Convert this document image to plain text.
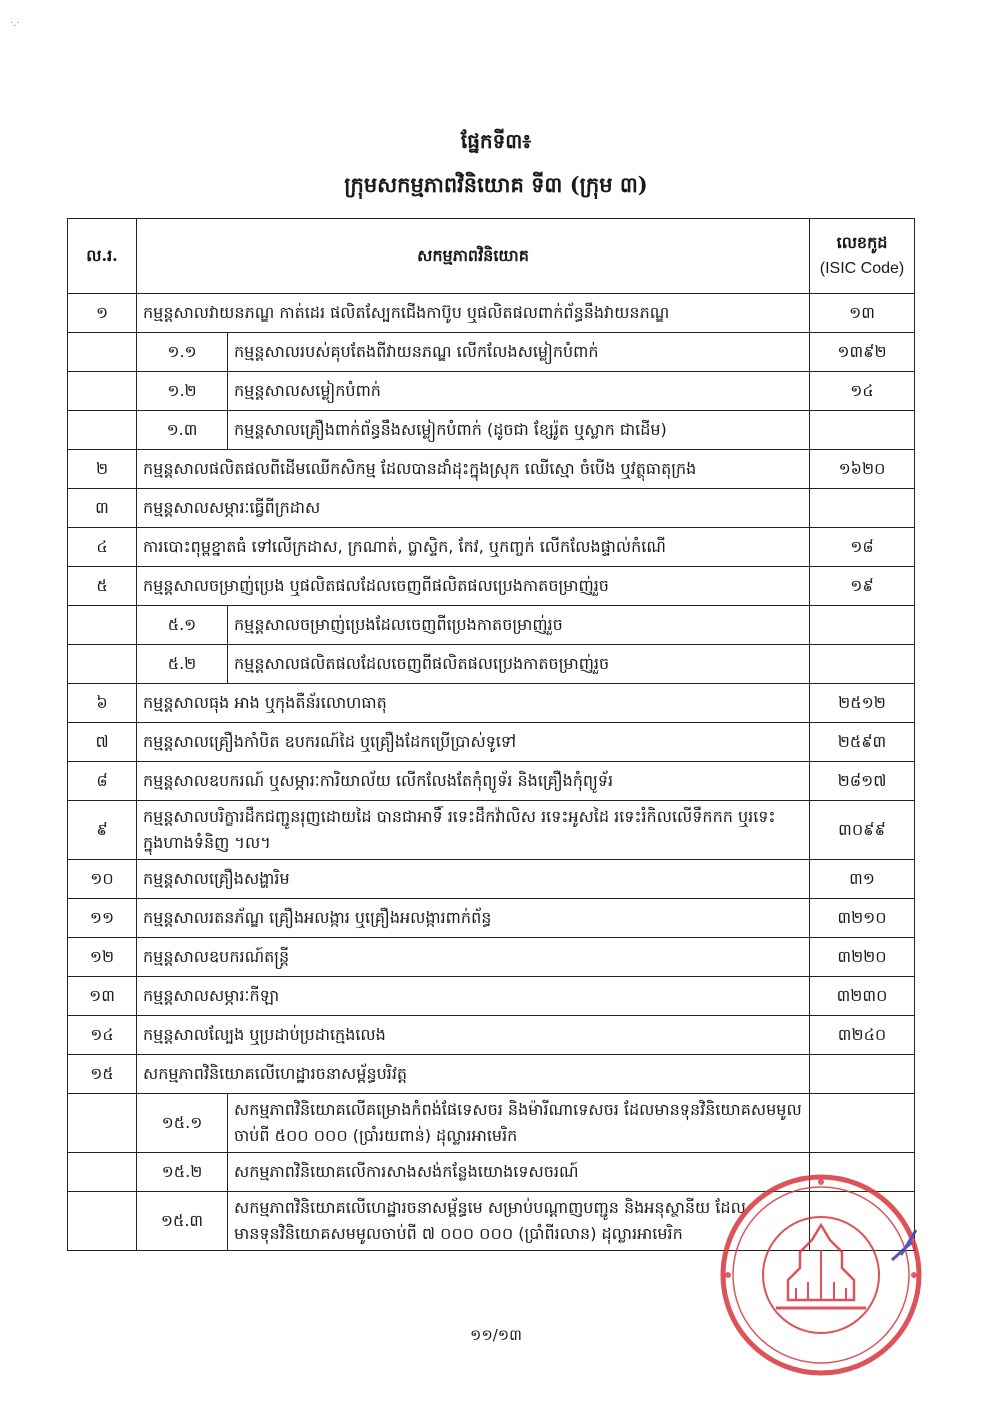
·.·
ផ្នែកទី៣៖
ក្រុមសកម្មភាពវិនិយោគ ទី៣ (ក្រុម ៣)
ល.រ.	សកម្មភាពវិនិយោគ	លេខកូដ
(ISIC Code)

១	កម្មន្តសាលវាយនភណ្ឌ កាត់ដេរ ផលិតស្បែកជើងកាប៊ូប ឬផលិតផលពាក់ព័ន្ធនឹងវាយនភណ្ឌ	១៣

១.១ កម្មន្តសាលរបស់គុបតែងពីវាយនភណ្ឌ លើកលែងសម្លៀកបំពាក់	១៣៩២

១.២ កម្មន្តសាលសម្លៀកបំពាក់	១៤

១.៣ កម្មន្តសាលគ្រឿងពាក់ព័ន្ធនឹងសម្លៀកបំពាក់ (ដូចជា ខ្សែរ៉ូត ឬស្លាក ជាដើម)	

២	កម្មន្តសាលផលិតផលពីដើមឈើកសិកម្ម ដែលបានដាំដុះក្នុងស្រុក ឈើស្មោ ចំបើង ឬវត្ថុធាតុក្រង	១៦២០
៣	កម្មន្តសាលសម្ភារៈធ្វើពីក្រដាស	
៤	ការបោះពុម្ពខ្នាតធំ ទៅលើក្រដាស, ក្រណាត់, ប្លាស្ទិក, កែវ, ឬកញ្ចក់ លើកលែងផ្ទាល់កំណើ	១៨
៥	កម្មន្តសាលចម្រាញ់ប្រេង ឬផលិតផលដែលចេញពីផលិតផលប្រេងកាតចម្រាញ់រួច	១៩

៥.១ កម្មន្តសាលចម្រាញ់ប្រេងដែលចេញពីប្រេងកាតចម្រាញ់រួច	

៥.២ កម្មន្តសាលផលិតផលដែលចេញពីផលិតផលប្រេងកាតចម្រាញ់រួច	

៦	កម្មន្តសាលធុង អាង ឬកុងតឺន័រលោហធាតុ	២៥១២
៧	កម្មន្តសាលគ្រឿងកាំបិត ឧបករណ៍ដៃ ឬគ្រឿងដែកប្រើប្រាស់ទូទៅ	២៥៩៣
៨	កម្មន្តសាលឧបករណ៍ ឬសម្ភារៈការិយាល័យ លើកលែងតែកុំព្យូទ័រ និងគ្រឿងកុំព្យូទ័រ	២៨១៧
៩	កម្មន្តសាលបរិក្ខារដឹកជញ្ជូនរុញដោយដៃ បានជាអាទិ៍ រទេះដឹកវ៉ាលិស រទេះអូសដៃ រទេះរំកិលលើទឹកកក ឬរទេះក្នុងហាងទំនិញ ។ល។	៣០៩៩
១០	កម្មន្តសាលគ្រឿងសង្ហារិម	៣១
១១	កម្មន្តសាលរតនភ័ណ្ឌ គ្រឿងអលង្ការ ឬគ្រឿងអលង្ការពាក់ព័ន្ធ	៣២១០
១២	កម្មន្តសាលឧបករណ៍តន្ត្រី	៣២២០
១៣	កម្មន្តសាលសម្ភារៈកីឡា	៣២៣០
១៤	កម្មន្តសាលល្បែង ឬប្រដាប់ប្រដាក្មេងលេង	៣២៤០
១៥	សកម្មភាពវិនិយោគលើហេដ្ឋារចនាសម្ព័ន្ធបរិវត្ត	

១៥.១
សកម្មភាពវិនិយោគលើគម្រោងកំពង់ផែទេសចរ និងម៉ារីណាទេសចរ ដែលមានទុនវិនិយោគសមមូលចាប់ពី ៥០០ ០០០ (ប្រាំរយពាន់) ដុល្លារអាមេរិក	

១៥.២ សកម្មភាពវិនិយោគលើការសាងសង់កន្លែងយោងទេសចរណ៍	

១៥.៣
សកម្មភាពវិនិយោគលើហេដ្ឋារចនាសម្ព័ន្ធមេ សម្រាប់បណ្តាញបញ្ជូន និងអនុស្ថានីយ ដែលមានទុនវិនិយោគសមមូលចាប់ពី ៧ ០០០ ០០០ (ប្រាំពីរលាន) ដុល្លារអាមេរិក	

១១/១៣
